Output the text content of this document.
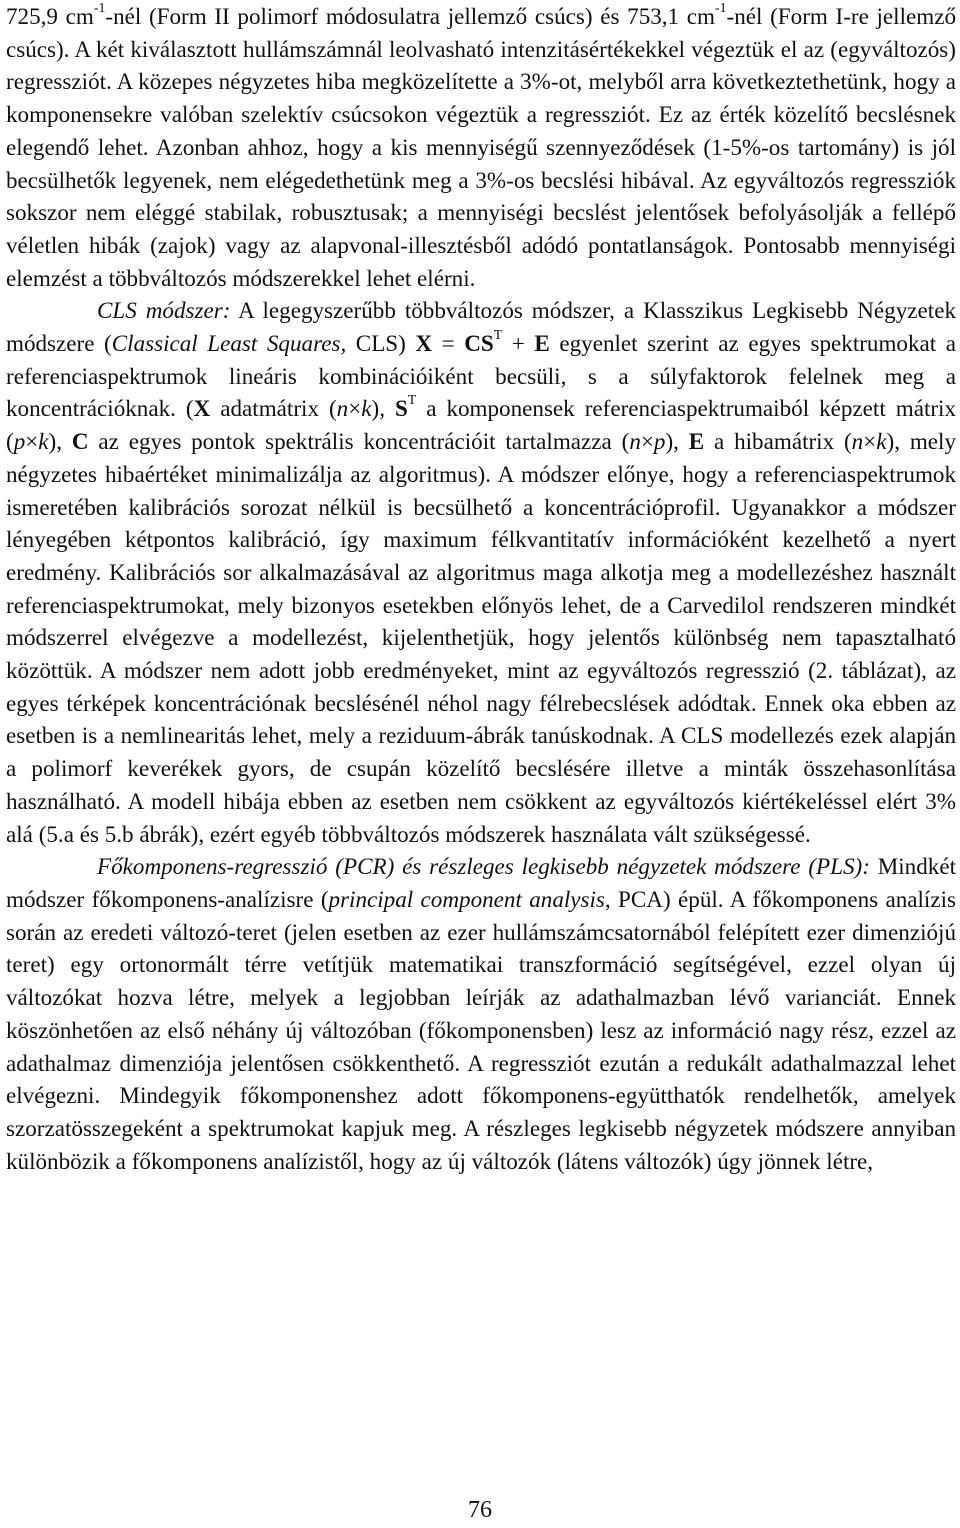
725,9 $cm^{-1}$-nél (Form II polimorf módosulatra jellemző csúcs) és 753,1 $cm^{-1}$-nél (Form I-re jellemző csúcs). A két kiválasztott hullámszámnál leolvasható intenzitásértékekkel végeztük el az (egyváltozós) regressziót. A közepes négyzetes hiba megközelítette a 3%-ot, melyből arra következtethetünk, hogy a komponensekre valóban szelektív csúcsokon végeztük a regressziót. Ez az érték közelítő becslésnek elegendő lehet. Azonban ahhoz, hogy a kis mennyiségű szennyeződések (1-5%-os tartomány) is jól becsülhetők legyenek, nem elégedethetünk meg a 3%-os becslési hibával. Az egyváltozós regressziók sokszor nem eléggé stabilak, robusztusak; a mennyiségi becslést jelentősek befolyásolják a fellépő véletlen hibák (zajok) vagy az alapvonal-illesztésből adódó pontatlanságok. Pontosabb mennyiségi elemzést a többváltozós módszerekkel lehet elérni.

CLS módszer: A legegyszerűbb többváltozós módszer, a Klasszikus Legkisebb Négyzetek módszere (Classical Least Squares, CLS) $X = CS^T + E$ egyenlet szerint az egyes spektrumokat a referenciaspektrumok lineáris kombinációiként becsüli, s a súlyfaktorok felelnek meg a koncentrációknak. (X adatmátrix (n×k), $S^T$ a komponensek referenciaspektrumaiból képzett mátrix (p×k), C az egyes pontok spektrális koncentrációit tartalmazza (n×p), E a hibamátrix (n×k), mely négyzetes hibaértéket minimalizálja az algoritmus). A módszer előnye, hogy a referenciaspektrumok ismeretében kalibrációs sorozat nélkül is becsülhető a koncentrációprofil. Ugyanakkor a módszer lényegében kétpontos kalibráció, így maximum félkvantitatív információként kezelhető a nyert eredmény. Kalibrációs sor alkalmazásával az algoritmus maga alkotja meg a modellezéshez használt referenciaspektrumokat, mely bizonyos esetekben előnyös lehet, de a Carvedilol rendszeren mindkét módszerrel elvégezve a modellezést, kijelenthetjük, hogy jelentős különbség nem tapasztalható közöttük. A módszer nem adott jobb eredményeket, mint az egyváltozós regresszió (2. táblázat), az egyes térképek koncentrációnak becslésénél néhol nagy félrebecslések adódtak. Ennek oka ebben az esetben is a nemlinearitás lehet, mely a reziduum-ábrák tanúskodnak. A CLS modellezés ezek alapján a polimorf keverékek gyors, de csupán közelítő becslésére illetve a minták összehasonlítása használható. A modell hibája ebben az esetben nem csökkent az egyváltozós kiértékeléssel elért 3% alá (5.a és 5.b ábrák), ezért egyéb többváltozós módszerek használata vált szükségessé.

Főkomponens-regresszió (PCR) és részleges legkisebb négyzetek módszere (PLS): Mindkét módszer főkomponens-analízisre (principal component analysis, PCA) épül. A főkomponens analízis során az eredeti változó-teret (jelen esetben az ezer hullámszámcsatornából felépített ezer dimenziójú teret) egy ortonormált térre vetítjük matematikai transzformáció segítségével, ezzel olyan új változókat hozva létre, melyek a legjobban leírják az adathalmazban lévő varianciát. Ennek köszönhetően az első néhány új változóban (főkomponensben) lesz az információ nagy rész, ezzel az adathalmaz dimenziója jelentősen csökkenthető. A regressziót ezután a redukált adathalmazzal lehet elvégezni. Mindegyik főkomponenshez adott főkomponens-együtthatók rendelhetők, amelyek szorzatösszegeként a spektrumokat kapjuk meg. A részleges legkisebb négyzetek módszere annyiban különbözik a főkomponens analízistől, hogy az új változók (látens változók) úgy jönnek létre,

76
